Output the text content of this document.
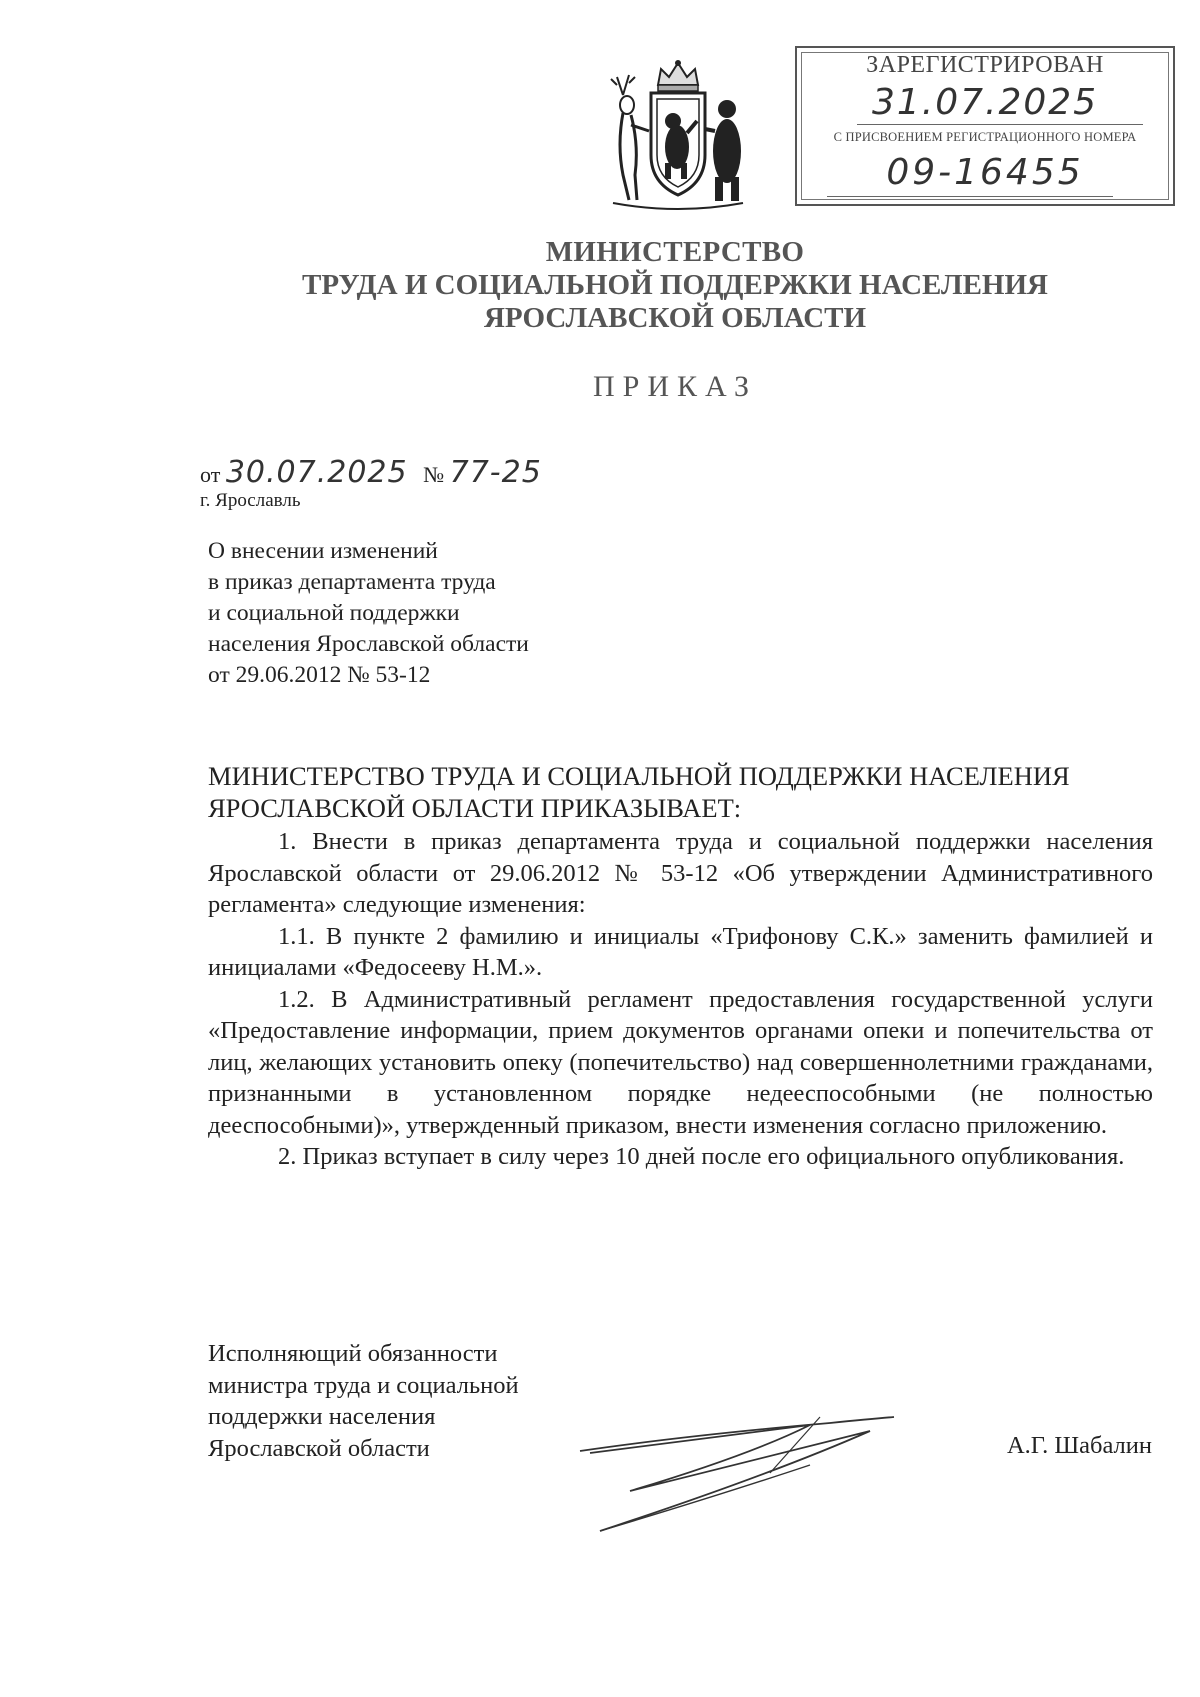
ЗАРЕГИСТРИРОВАН
31.07.2025
С ПРИСВОЕНИЕМ РЕГИСТРАЦИОННОГО НОМЕРА
09-16455
МИНИСТЕРСТВО
ТРУДА И СОЦИАЛЬНОЙ ПОДДЕРЖКИ НАСЕЛЕНИЯ
ЯРОСЛАВСКОЙ ОБЛАСТИ
ПРИКАЗ
от 30.07.2025 № 77-25
г. Ярославль
О внесении изменений
в приказ департамента труда
и социальной поддержки
населения Ярославской области
от 29.06.2012 № 53-12
МИНИСТЕРСТВО ТРУДА И СОЦИАЛЬНОЙ ПОДДЕРЖКИ НАСЕЛЕНИЯ ЯРОСЛАВСКОЙ ОБЛАСТИ ПРИКАЗЫВАЕТ:

1. Внести в приказ департамента труда и социальной поддержки населения Ярославской области от 29.06.2012 № 53-12 «Об утверждении Административного регламента» следующие изменения:

1.1. В пункте 2 фамилию и инициалы «Трифонову С.К.» заменить фамилией и инициалами «Федосееву Н.М.».

1.2. В Административный регламент предоставления государственной услуги «Предоставление информации, прием документов органами опеки и попечительства от лиц, желающих установить опеку (попечительство) над совершеннолетними гражданами, признанными в установленном порядке недееспособными (не полностью дееспособными)», утвержденный приказом, внести изменения согласно приложению.

2. Приказ вступает в силу через 10 дней после его официального опубликования.

Исполняющий обязанности
министра труда и социальной
поддержки населения
Ярославской области	А.Г. Шабалин
